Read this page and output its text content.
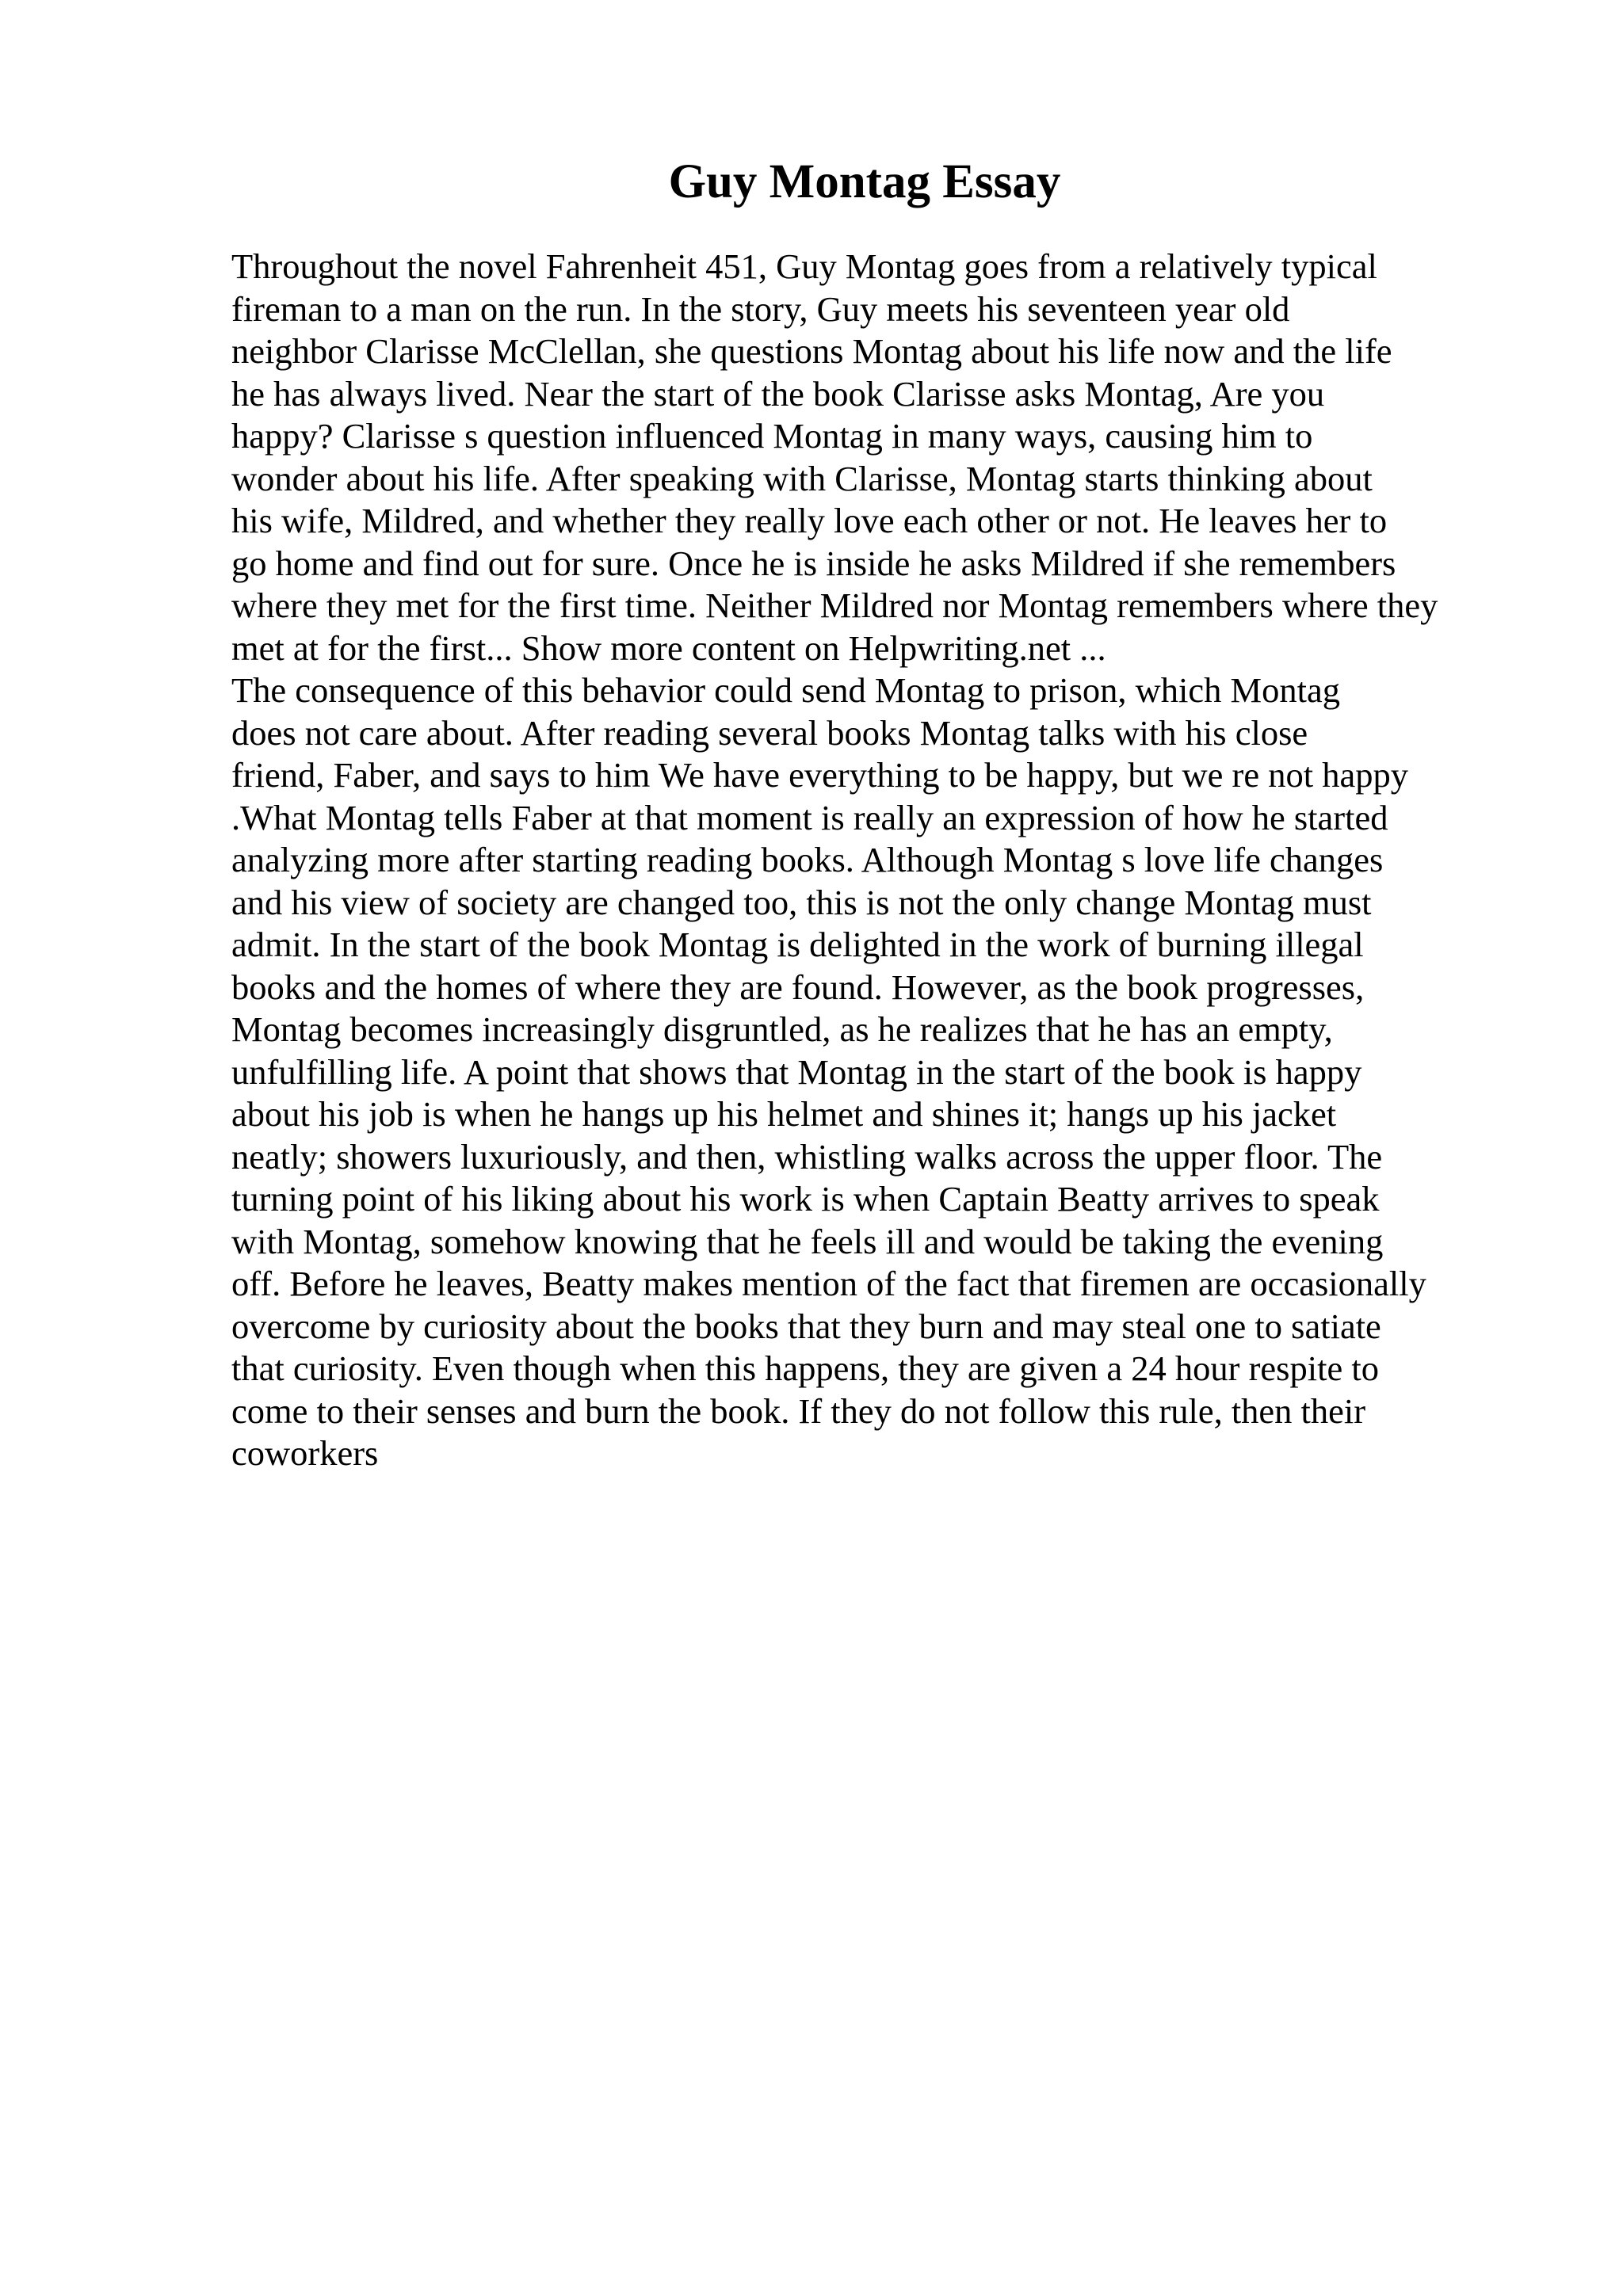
Guy Montag Essay
Throughout the novel Fahrenheit 451, Guy Montag goes from a relatively typical
fireman to a man on the run. In the story, Guy meets his seventeen year old
neighbor Clarisse McClellan, she questions Montag about his life now and the life
he has always lived. Near the start of the book Clarisse asks Montag, Are you
happy? Clarisse s question influenced Montag in many ways, causing him to
wonder about his life. After speaking with Clarisse, Montag starts thinking about
his wife, Mildred, and whether they really love each other or not. He leaves her to
go home and find out for sure. Once he is inside he asks Mildred if she remembers
where they met for the first time. Neither Mildred nor Montag remembers where they
met at for the first... Show more content on Helpwriting.net ...
The consequence of this behavior could send Montag to prison, which Montag
does not care about. After reading several books Montag talks with his close
friend, Faber, and says to him We have everything to be happy, but we re not happy
.What Montag tells Faber at that moment is really an expression of how he started
analyzing more after starting reading books. Although Montag s love life changes
and his view of society are changed too, this is not the only change Montag must
admit. In the start of the book Montag is delighted in the work of burning illegal
books and the homes of where they are found. However, as the book progresses,
Montag becomes increasingly disgruntled, as he realizes that he has an empty,
unfulfilling life. A point that shows that Montag in the start of the book is happy
about his job is when he hangs up his helmet and shines it; hangs up his jacket
neatly; showers luxuriously, and then, whistling walks across the upper floor. The
turning point of his liking about his work is when Captain Beatty arrives to speak
with Montag, somehow knowing that he feels ill and would be taking the evening
off. Before he leaves, Beatty makes mention of the fact that firemen are occasionally
overcome by curiosity about the books that they burn and may steal one to satiate
that curiosity. Even though when this happens, they are given a 24 hour respite to
come to their senses and burn the book. If they do not follow this rule, then their
coworkers
